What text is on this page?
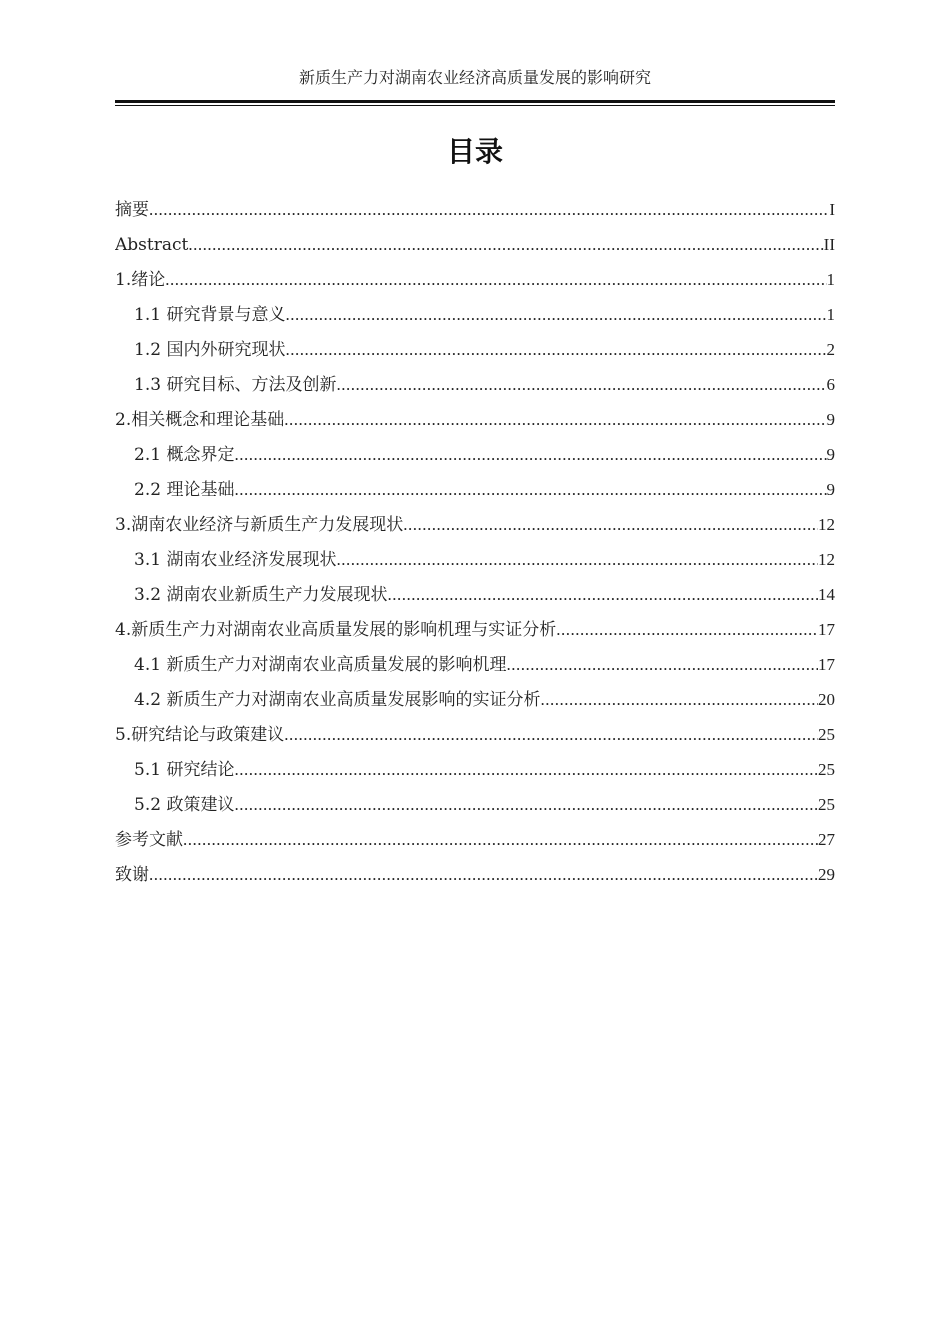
新质生产力对湖南农业经济高质量发展的影响研究
目录
摘要 .....	I
Abstract .....	II
1.绪论 .....	1
1.1 研究背景与意义 .....	1
1.2 国内外研究现状 .....	2
1.3 研究目标、方法及创新 .....	6
2.相关概念和理论基础 .....	9
2.1 概念界定 .....	9
2.2 理论基础 .....	9
3.湖南农业经济与新质生产力发展现状 .....	12
3.1 湖南农业经济发展现状 .....	12
3.2 湖南农业新质生产力发展现状 .....	14
4.新质生产力对湖南农业高质量发展的影响机理与实证分析 .....	17
4.1 新质生产力对湖南农业高质量发展的影响机理 .....	17
4.2 新质生产力对湖南农业高质量发展影响的实证分析 .....	20
5.研究结论与政策建议 .....	25
5.1 研究结论 .....	25
5.2 政策建议 .....	25
参考文献 .....	27
致谢 .....	29
